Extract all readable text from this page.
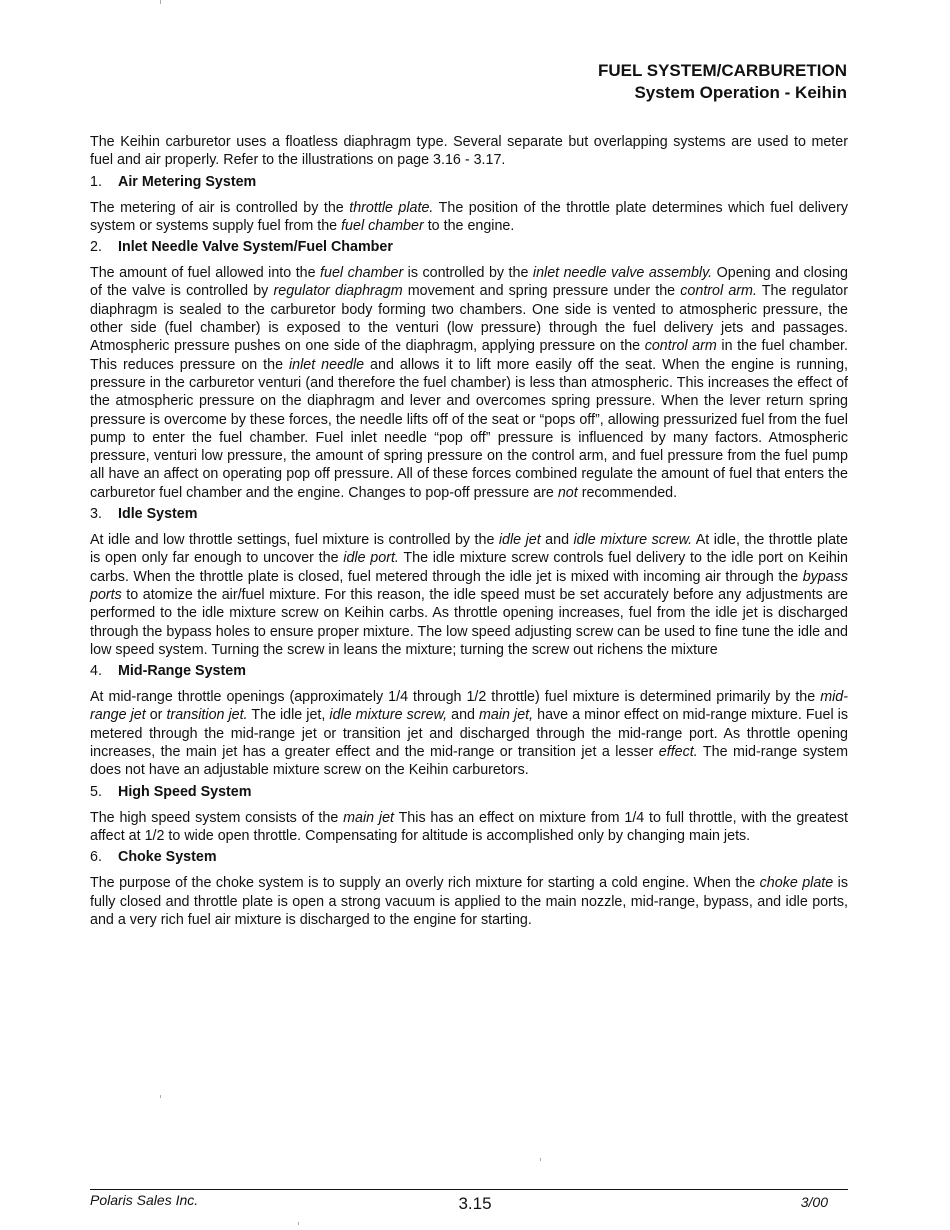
FUEL SYSTEM/CARBURETION
System Operation - Keihin

The Keihin carburetor uses a floatless diaphragm type. Several separate but overlapping systems are used to meter fuel and air properly. Refer to the illustrations on page 3.16 - 3.17.

1. Air Metering System

The metering of air is controlled by the throttle plate. The position of the throttle plate determines which fuel delivery system or systems supply fuel from the fuel chamber to the engine.

2. Inlet Needle Valve System/Fuel Chamber

The amount of fuel allowed into the fuel chamber is controlled by the inlet needle valve assembly. Opening and closing of the valve is controlled by regulator diaphragm movement and spring pressure under the control arm. The regulator diaphragm is sealed to the carburetor body forming two chambers. One side is vented to atmospheric pressure, the other side (fuel chamber) is exposed to the venturi (low pressure) through the fuel delivery jets and passages. Atmospheric pressure pushes on one side of the diaphragm, applying pressure on the control arm in the fuel chamber. This reduces pressure on the inlet needle and allows it to lift more easily off the seat. When the engine is running, pressure in the carburetor venturi (and therefore the fuel chamber) is less than atmospheric. This increases the effect of the atmospheric pressure on the diaphragm and lever and overcomes spring pressure. When the lever return spring pressure is overcome by these forces, the needle lifts off of the seat or “pops off”, allowing pressurized fuel from the fuel pump to enter the fuel chamber. Fuel inlet needle “pop off” pressure is influenced by many factors. Atmospheric pressure, venturi low pressure, the amount of spring pressure on the control arm, and fuel pressure from the fuel pump all have an affect on operating pop off pressure. All of these forces combined regulate the amount of fuel that enters the carburetor fuel chamber and the engine. Changes to pop-off pressure are not recommended.

3. Idle System

At idle and low throttle settings, fuel mixture is controlled by the idle jet and idle mixture screw. At idle, the throttle plate is open only far enough to uncover the idle port. The idle mixture screw controls fuel delivery to the idle port on Keihin carbs. When the throttle plate is closed, fuel metered through the idle jet is mixed with incoming air through the bypass ports to atomize the air/fuel mixture. For this reason, the idle speed must be set accurately before any adjustments are performed to the idle mixture screw on Keihin carbs. As throttle opening increases, fuel from the idle jet is discharged through the bypass holes to ensure proper mixture. The low speed adjusting screw can be used to fine tune the idle and low speed system. Turning the screw in leans the mixture; turning the screw out richens the mixture

4. Mid-Range System

At mid-range throttle openings (approximately 1/4 through 1/2 throttle) fuel mixture is determined primarily by the mid-range jet or transition jet. The idle jet, idle mixture screw, and main jet, have a minor effect on mid-range mixture. Fuel is metered through the mid-range jet or transition jet and discharged through the mid-range port. As throttle opening increases, the main jet has a greater effect and the mid-range or transition jet a lesser effect. The mid-range system does not have an adjustable mixture screw on the Keihin carburetors.

5. High Speed System

The high speed system consists of the main jet This has an effect on mixture from 1/4 to full throttle, with the greatest affect at 1/2 to wide open throttle. Compensating for altitude is accomplished only by changing main jets.

6. Choke System

The purpose of the choke system is to supply an overly rich mixture for starting a cold engine. When the choke plate is fully closed and throttle plate is open a strong vacuum is applied to the main nozzle, mid-range, bypass, and idle ports, and a very rich fuel air mixture is discharged to the engine for starting.

Polaris Sales Inc.	3.15	3/00
